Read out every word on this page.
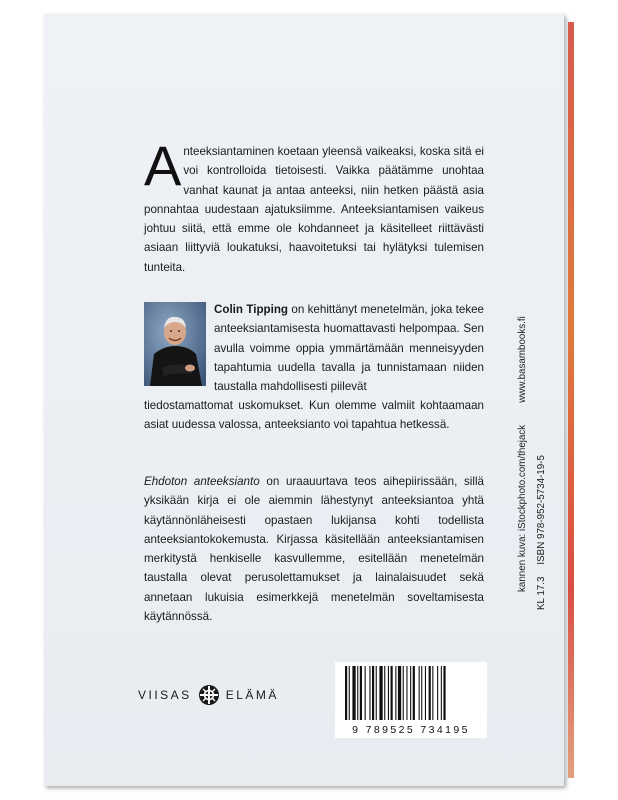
Anteeksiantaminen koetaan yleensä vaikeaksi, koska sitä ei voi kontrolloida tietoisesti. Vaikka päätämme unohtaa vanhat kaunat ja antaa anteeksi, niin hetken päästä asia ponnahtaa uudestaan ajatuksiimme. Anteeksiantamisen vaikeus johtuu siitä, että emme ole kohdanneet ja käsitelleet riittävästi asiaan liittyviä loukatuksi, haavoitetuksi tai hylätyksi tulemisen tunteita.

Colin Tipping on kehittänyt menetelmän, joka tekee anteeksiantamisesta huomattavasti helpompaa. Sen avulla voimme oppia ymmärtämään menneisyyden tapahtumia uudella tavalla ja tunnistamaan niiden taustalla mahdollisesti piilevät

tiedostamattomat uskomukset. Kun olemme valmiit kohtaamaan asiat uudessa valossa, anteeksianto voi tapahtua hetkessä.

Ehdoton anteeksianto on uraauurtava teos aihepiirissään, sillä yksikään kirja ei ole aiemmin lähestynyt anteeksiantoa yhtä käytännönläheisesti opastaen lukijansa kohti todellista anteeksiantokokemusta. Kirjassa käsitellään anteeksiantamisen merkitystä henkiselle kasvullemme, esitellään menetelmän taustalla olevat perusolettamukset ja lainalaisuudet sekä annetaan lukuisia esimerkkejä menetelmän soveltamisesta käytännössä.

KL 17.3
ISBN 978-952-5734-19-5
kannen kuva: iStockphoto.com/thejack
www.basambooks.fi
VIISAS	ELÄMÄ
9 789525 734195
